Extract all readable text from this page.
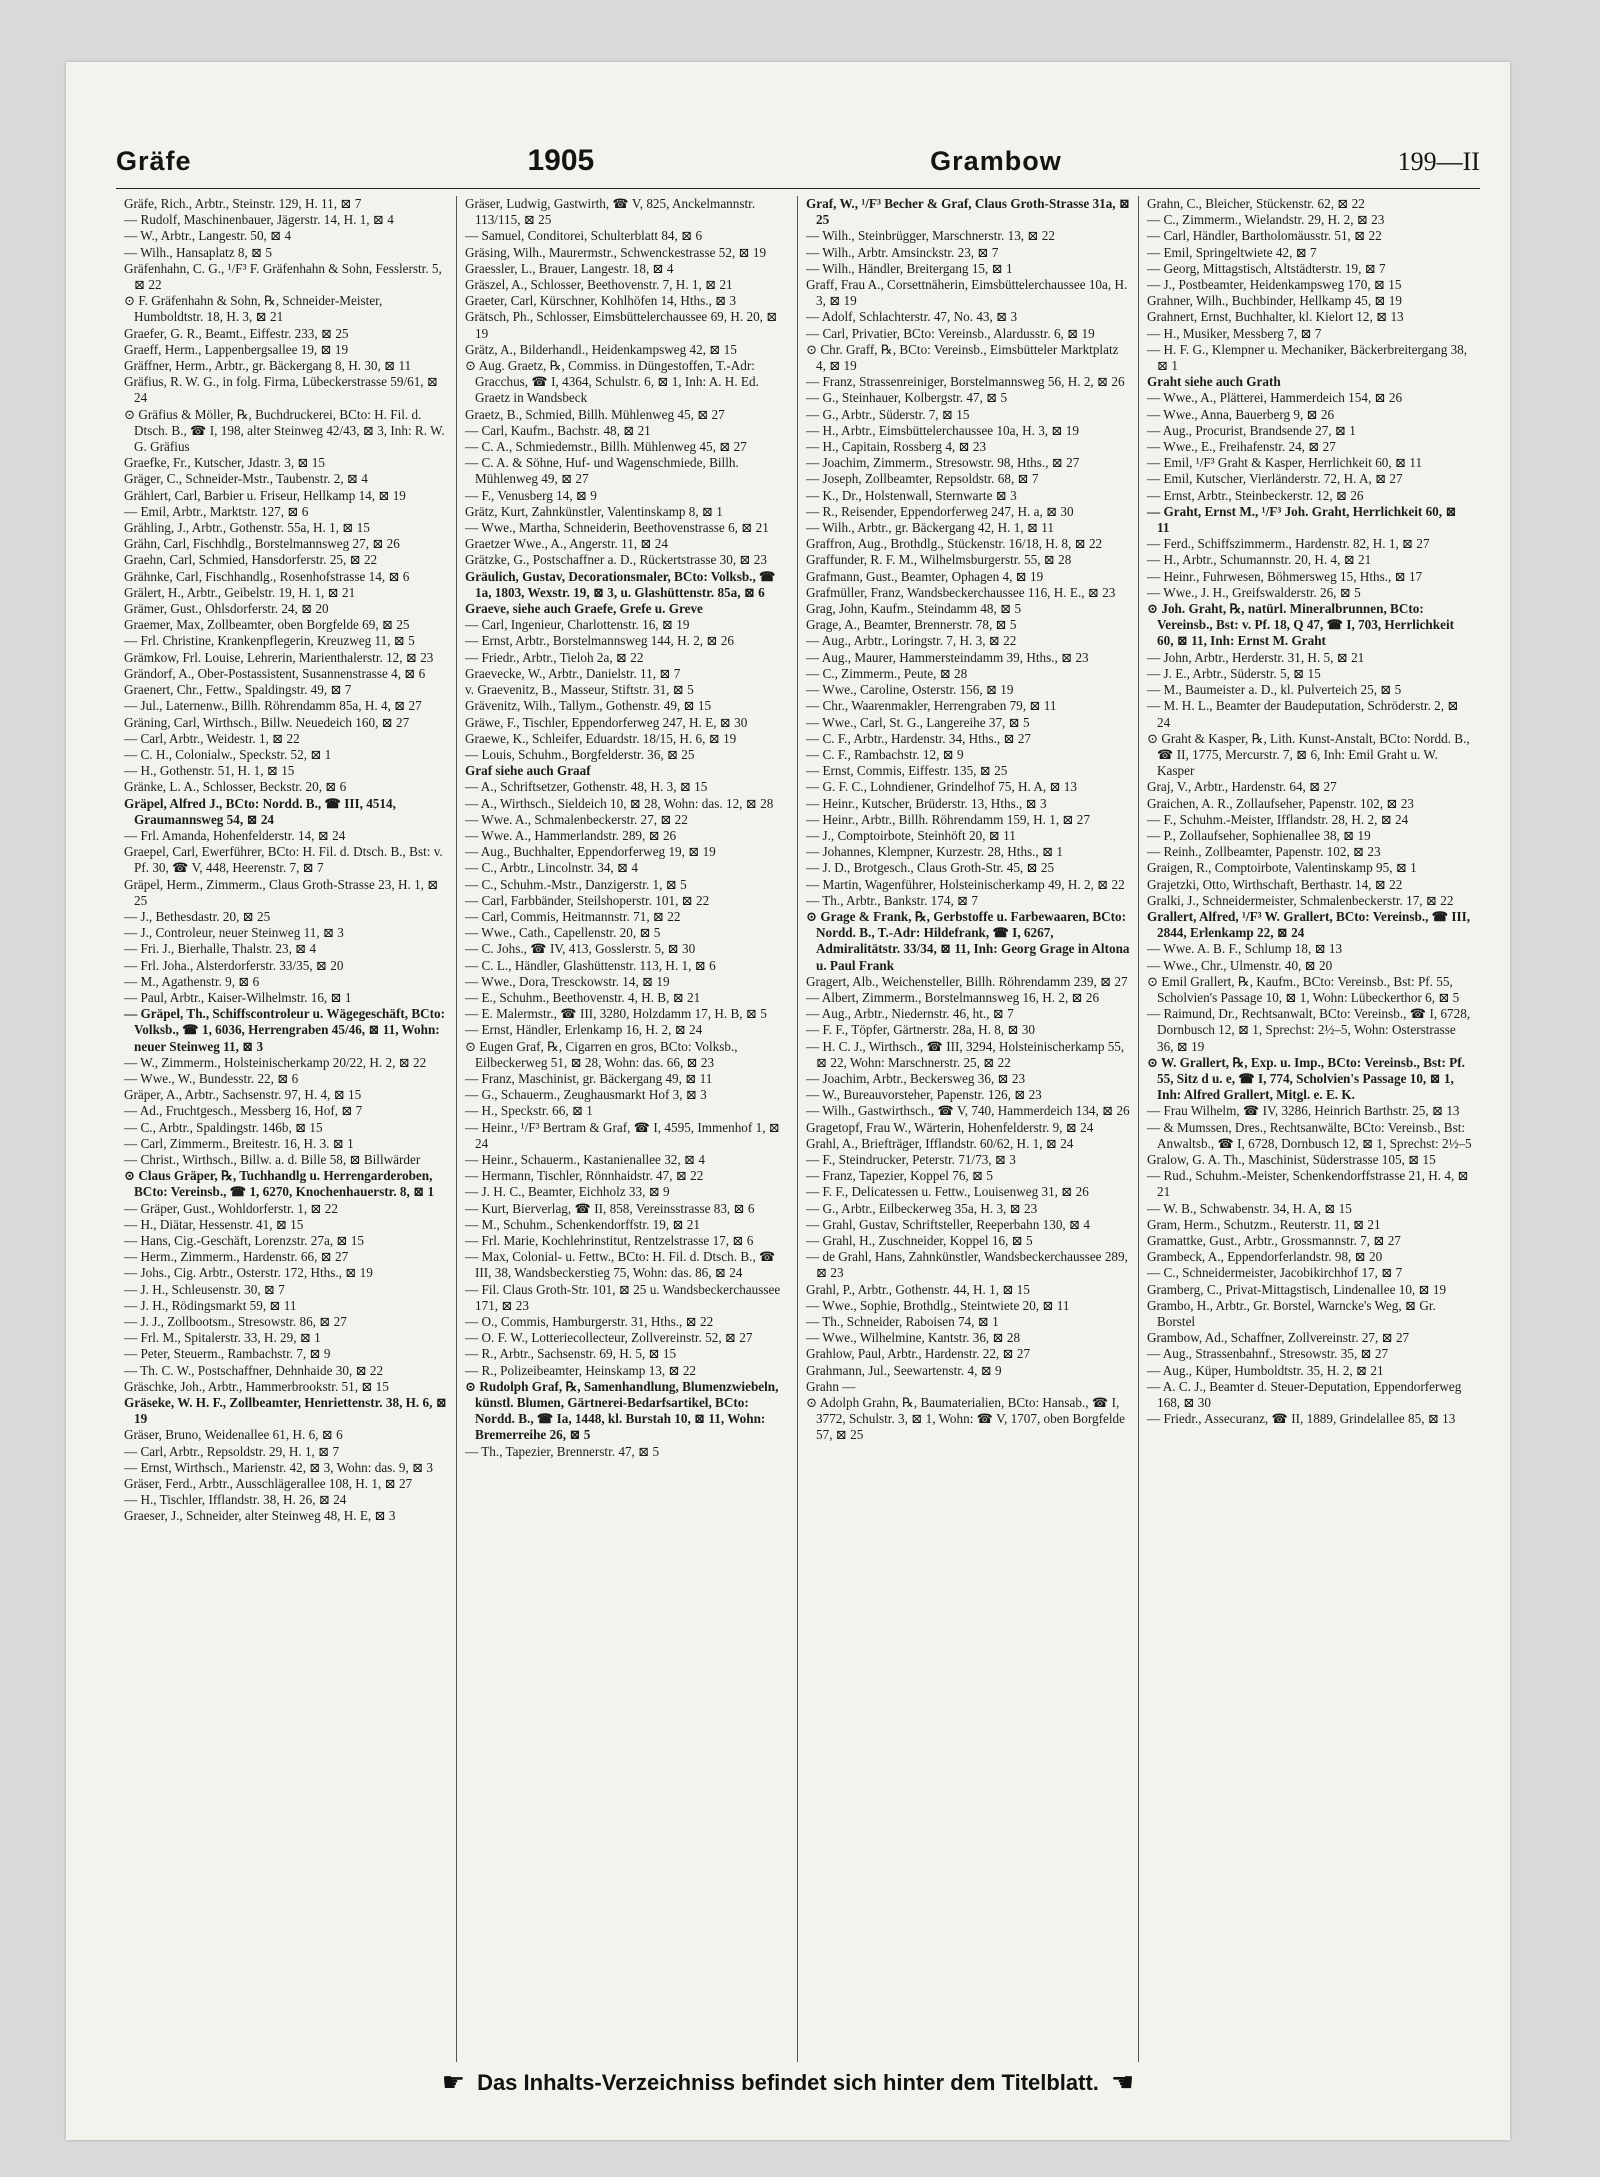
Gräfe	1905	Grambow	199—II

Gräfe, Rich., Arbtr., Steinstr. 129, H. 11, ⊠ 7

— Rudolf, Maschinenbauer, Jägerstr. 14, H. 1, ⊠ 4

— W., Arbtr., Langestr. 50, ⊠ 4

— Wilh., Hansaplatz 8, ⊠ 5

Gräfenhahn, C. G., ¹/F³ F. Gräfenhahn & Sohn, Fesslerstr. 5, ⊠ 22

⊙ F. Gräfenhahn & Sohn, ℞, Schneider-Meister, Humboldtstr. 18, H. 3, ⊠ 21

Graefer, G. R., Beamt., Eiffestr. 233, ⊠ 25

Graeff, Herm., Lappenbergsallee 19, ⊠ 19

Gräffner, Herm., Arbtr., gr. Bäckergang 8, H. 30, ⊠ 11

Gräfius, R. W. G., in folg. Firma, Lübeckerstrasse 59/61, ⊠ 24

⊙ Gräfius & Möller, ℞, Buchdruckerei, BCto: H. Fil. d. Dtsch. B., ☎ I, 198, alter Steinweg 42/43, ⊠ 3, Inh: R. W. G. Gräfius

Graefke, Fr., Kutscher, Jdastr. 3, ⊠ 15

Gräger, C., Schneider-Mstr., Taubenstr. 2, ⊠ 4

Grählert, Carl, Barbier u. Friseur, Hellkamp 14, ⊠ 19

— Emil, Arbtr., Marktstr. 127, ⊠ 6

Grähling, J., Arbtr., Gothenstr. 55a, H. 1, ⊠ 15

Grähn, Carl, Fischhdlg., Borstelmannsweg 27, ⊠ 26

Graehn, Carl, Schmied, Hansdorferstr. 25, ⊠ 22

Grähnke, Carl, Fischhandlg., Rosenhofstrasse 14, ⊠ 6

Grälert, H., Arbtr., Geibelstr. 19, H. 1, ⊠ 21

Grämer, Gust., Ohlsdorferstr. 24, ⊠ 20

Graemer, Max, Zollbeamter, oben Borgfelde 69, ⊠ 25

— Frl. Christine, Krankenpflegerin, Kreuzweg 11, ⊠ 5

Grämkow, Frl. Louise, Lehrerin, Marienthalerstr. 12, ⊠ 23

Grändorf, A., Ober-Postassistent, Susannenstrasse 4, ⊠ 6

Graenert, Chr., Fettw., Spaldingstr. 49, ⊠ 7

— Jul., Laternenw., Billh. Röhrendamm 85a, H. 4, ⊠ 27

Gräning, Carl, Wirthsch., Billw. Neuedeich 160, ⊠ 27

— Carl, Arbtr., Weidestr. 1, ⊠ 22

— C. H., Colonialw., Speckstr. 52, ⊠ 1

— H., Gothenstr. 51, H. 1, ⊠ 15

Gränke, L. A., Schlosser, Beckstr. 20, ⊠ 6

Gräpel, Alfred J., BCto: Nordd. B., ☎ III, 4514, Graumannsweg 54, ⊠ 24

— Frl. Amanda, Hohenfelderstr. 14, ⊠ 24

Graepel, Carl, Ewerführer, BCto: H. Fil. d. Dtsch. B., Bst: v. Pf. 30, ☎ V, 448, Heerenstr. 7, ⊠ 7

Gräpel, Herm., Zimmerm., Claus Groth-Strasse 23, H. 1, ⊠ 25

— J., Bethesdastr. 20, ⊠ 25

— J., Controleur, neuer Steinweg 11, ⊠ 3

— Fri. J., Bierhalle, Thalstr. 23, ⊠ 4

— Frl. Joha., Alsterdorferstr. 33/35, ⊠ 20

— M., Agathenstr. 9, ⊠ 6

— Paul, Arbtr., Kaiser-Wilhelmstr. 16, ⊠ 1

— Gräpel, Th., Schiffscontroleur u. Wägegeschäft, BCto: Volksb., ☎ 1, 6036, Herrengraben 45/46, ⊠ 11, Wohn: neuer Steinweg 11, ⊠ 3

— W., Zimmerm., Holsteinischerkamp 20/22, H. 2, ⊠ 22

— Wwe., W., Bundesstr. 22, ⊠ 6

Gräper, A., Arbtr., Sachsenstr. 97, H. 4, ⊠ 15

— Ad., Fruchtgesch., Messberg 16, Hof, ⊠ 7

— C., Arbtr., Spaldingstr. 146b, ⊠ 15

— Carl, Zimmerm., Breitestr. 16, H. 3. ⊠ 1

— Christ., Wirthsch., Billw. a. d. Bille 58, ⊠ Billwärder

⊙ Claus Gräper, ℞, Tuchhandlg u. Herrengarderoben, BCto: Vereinsb., ☎ 1, 6270, Knochenhauerstr. 8, ⊠ 1

— Gräper, Gust., Wohldorferstr. 1, ⊠ 22

— H., Diätar, Hessenstr. 41, ⊠ 15

— Hans, Cig.-Geschäft, Lorenzstr. 27a, ⊠ 15

— Herm., Zimmerm., Hardenstr. 66, ⊠ 27

— Johs., Cig. Arbtr., Osterstr. 172, Hths., ⊠ 19

— J. H., Schleusenstr. 30, ⊠ 7

— J. H., Rödingsmarkt 59, ⊠ 11

— J. J., Zollbootsm., Stresowstr. 86, ⊠ 27

— Frl. M., Spitalerstr. 33, H. 29, ⊠ 1

— Peter, Steuerm., Rambachstr. 7, ⊠ 9

— Th. C. W., Postschaffner, Dehnhaide 30, ⊠ 22

Gräschke, Joh., Arbtr., Hammerbrookstr. 51, ⊠ 15

Gräseke, W. H. F., Zollbeamter, Henriettenstr. 38, H. 6, ⊠ 19

Gräser, Bruno, Weidenallee 61, H. 6, ⊠ 6

— Carl, Arbtr., Repsoldstr. 29, H. 1, ⊠ 7

— Ernst, Wirthsch., Marienstr. 42, ⊠ 3, Wohn: das. 9, ⊠ 3

Gräser, Ferd., Arbtr., Ausschlägerallee 108, H. 1, ⊠ 27

— H., Tischler, Ifflandstr. 38, H. 26, ⊠ 24

Graeser, J., Schneider, alter Steinweg 48, H. E, ⊠ 3

Gräser, Ludwig, Gastwirth, ☎ V, 825, Anckelmannstr. 113/115, ⊠ 25

— Samuel, Conditorei, Schulterblatt 84, ⊠ 6

Gräsing, Wilh., Maurermstr., Schwenckestrasse 52, ⊠ 19

Graessler, L., Brauer, Langestr. 18, ⊠ 4

Gräszel, A., Schlosser, Beethovenstr. 7, H. 1, ⊠ 21

Graeter, Carl, Kürschner, Kohlhöfen 14, Hths., ⊠ 3

Grätsch, Ph., Schlosser, Eimsbüttelerchaussee 69, H. 20, ⊠ 19

Grätz, A., Bilderhandl., Heidenkampsweg 42, ⊠ 15

⊙ Aug. Graetz, ℞, Commiss. in Düngestoffen, T.-Adr: Gracchus, ☎ I, 4364, Schulstr. 6, ⊠ 1, Inh: A. H. Ed. Graetz in Wandsbeck

Graetz, B., Schmied, Billh. Mühlenweg 45, ⊠ 27

— Carl, Kaufm., Bachstr. 48, ⊠ 21

— C. A., Schmiedemstr., Billh. Mühlenweg 45, ⊠ 27

— C. A. & Söhne, Huf- und Wagenschmiede, Billh. Mühlenweg 49, ⊠ 27

— F., Venusberg 14, ⊠ 9

Grätz, Kurt, Zahnkünstler, Valentinskamp 8, ⊠ 1

— Wwe., Martha, Schneiderin, Beethovenstrasse 6, ⊠ 21

Graetzer Wwe., A., Angerstr. 11, ⊠ 24

Grätzke, G., Postschaffner a. D., Rückertstrasse 30, ⊠ 23

Gräulich, Gustav, Decorationsmaler, BCto: Volksb., ☎ 1a, 1803, Wexstr. 19, ⊠ 3, u. Glashüttenstr. 85a, ⊠ 6

Graeve, siehe auch Graefe, Grefe u. Greve

— Carl, Ingenieur, Charlottenstr. 16, ⊠ 19

— Ernst, Arbtr., Borstelmannsweg 144, H. 2, ⊠ 26

— Friedr., Arbtr., Tieloh 2a, ⊠ 22

Graevecke, W., Arbtr., Danielstr. 11, ⊠ 7

v. Graevenitz, B., Masseur, Stiftstr. 31, ⊠ 5

Grävenitz, Wilh., Tallym., Gothenstr. 49, ⊠ 15

Gräwe, F., Tischler, Eppendorferweg 247, H. E, ⊠ 30

Graewe, K., Schleifer, Eduardstr. 18/15, H. 6, ⊠ 19

— Louis, Schuhm., Borgfelderstr. 36, ⊠ 25

Graf siehe auch Graaf

— A., Schriftsetzer, Gothenstr. 48, H. 3, ⊠ 15

— A., Wirthsch., Sieldeich 10, ⊠ 28, Wohn: das. 12, ⊠ 28

— Wwe. A., Schmalenbeckerstr. 27, ⊠ 22

— Wwe. A., Hammerlandstr. 289, ⊠ 26

— Aug., Buchhalter, Eppendorferweg 19, ⊠ 19

— C., Arbtr., Lincolnstr. 34, ⊠ 4

— C., Schuhm.-Mstr., Danzigerstr. 1, ⊠ 5

— Carl, Farbbänder, Steilshoperstr. 101, ⊠ 22

— Carl, Commis, Heitmannstr. 71, ⊠ 22

— Wwe., Cath., Capellenstr. 20, ⊠ 5

— C. Johs., ☎ IV, 413, Gosslerstr. 5, ⊠ 30

— C. L., Händler, Glashüttenstr. 113, H. 1, ⊠ 6

— Wwe., Dora, Tresckowstr. 14, ⊠ 19

— E., Schuhm., Beethovenstr. 4, H. B, ⊠ 21

— E. Malermstr., ☎ III, 3280, Holzdamm 17, H. B, ⊠ 5

— Ernst, Händler, Erlenkamp 16, H. 2, ⊠ 24

⊙ Eugen Graf, ℞, Cigarren en gros, BCto: Volksb., Eilbeckerweg 51, ⊠ 28, Wohn: das. 66, ⊠ 23

— Franz, Maschinist, gr. Bäckergang 49, ⊠ 11

— G., Schauerm., Zeughausmarkt Hof 3, ⊠ 3

— H., Speckstr. 66, ⊠ 1

— Heinr., ¹/F³ Bertram & Graf, ☎ I, 4595, Immenhof 1, ⊠ 24

— Heinr., Schauerm., Kastanienallee 32, ⊠ 4

— Hermann, Tischler, Rönnhaidstr. 47, ⊠ 22

— J. H. C., Beamter, Eichholz 33, ⊠ 9

— Kurt, Bierverlag, ☎ II, 858, Vereinsstrasse 83, ⊠ 6

— M., Schuhm., Schenkendorffstr. 19, ⊠ 21

— Frl. Marie, Kochlehrinstitut, Rentzelstrasse 17, ⊠ 6

— Max, Colonial- u. Fettw., BCto: H. Fil. d. Dtsch. B., ☎ III, 38, Wandsbeckerstieg 75, Wohn: das. 86, ⊠ 24

— Fil. Claus Groth-Str. 101, ⊠ 25 u. Wandsbeckerchaussee 171, ⊠ 23

— O., Commis, Hamburgerstr. 31, Hths., ⊠ 22

— O. F. W., Lotteriecollecteur, Zollvereinstr. 52, ⊠ 27

— R., Arbtr., Sachsenstr. 69, H. 5, ⊠ 15

— R., Polizeibeamter, Heinskamp 13, ⊠ 22

⊙ Rudolph Graf, ℞, Samenhandlung, Blumenzwiebeln, künstl. Blumen, Gärtnerei-Bedarfsartikel, BCto: Nordd. B., ☎ Ia, 1448, kl. Burstah 10, ⊠ 11, Wohn: Bremerreihe 26, ⊠ 5

— Th., Tapezier, Brennerstr. 47, ⊠ 5

Graf, W., ¹/F³ Becher & Graf, Claus Groth-Strasse 31a, ⊠ 25

— Wilh., Steinbrügger, Marschnerstr. 13, ⊠ 22

— Wilh., Arbtr. Amsinckstr. 23, ⊠ 7

— Wilh., Händler, Breitergang 15, ⊠ 1

Graff, Frau A., Corsettnäherin, Eimsbüttelerchaussee 10a, H. 3, ⊠ 19

— Adolf, Schlachterstr. 47, No. 43, ⊠ 3

— Carl, Privatier, BCto: Vereinsb., Alardusstr. 6, ⊠ 19

⊙ Chr. Graff, ℞, BCto: Vereinsb., Eimsbütteler Marktplatz 4, ⊠ 19

— Franz, Strassenreiniger, Borstelmannsweg 56, H. 2, ⊠ 26

— G., Steinhauer, Kolbergstr. 47, ⊠ 5

— G., Arbtr., Süderstr. 7, ⊠ 15

— H., Arbtr., Eimsbüttelerchaussee 10a, H. 3, ⊠ 19

— H., Capitain, Rossberg 4, ⊠ 23

— Joachim, Zimmerm., Stresowstr. 98, Hths., ⊠ 27

— Joseph, Zollbeamter, Repsoldstr. 68, ⊠ 7

— K., Dr., Holstenwall, Sternwarte ⊠ 3

— R., Reisender, Eppendorferweg 247, H. a, ⊠ 30

— Wilh., Arbtr., gr. Bäckergang 42, H. 1, ⊠ 11

Graffron, Aug., Brothdlg., Stückenstr. 16/18, H. 8, ⊠ 22

Graffunder, R. F. M., Wilhelmsburgerstr. 55, ⊠ 28

Grafmann, Gust., Beamter, Ophagen 4, ⊠ 19

Grafmüller, Franz, Wandsbeckerchaussee 116, H. E., ⊠ 23

Grag, John, Kaufm., Steindamm 48, ⊠ 5

Grage, A., Beamter, Brennerstr. 78, ⊠ 5

— Aug., Arbtr., Loringstr. 7, H. 3, ⊠ 22

— Aug., Maurer, Hammersteindamm 39, Hths., ⊠ 23

— C., Zimmerm., Peute, ⊠ 28

— Wwe., Caroline, Osterstr. 156, ⊠ 19

— Chr., Waarenmakler, Herrengraben 79, ⊠ 11

— Wwe., Carl, St. G., Langereihe 37, ⊠ 5

— C. F., Arbtr., Hardenstr. 34, Hths., ⊠ 27

— C. F., Rambachstr. 12, ⊠ 9

— Ernst, Commis, Eiffestr. 135, ⊠ 25

— G. F. C., Lohndiener, Grindelhof 75, H. A, ⊠ 13

— Heinr., Kutscher, Brüderstr. 13, Hths., ⊠ 3

— Heinr., Arbtr., Billh. Röhrendamm 159, H. 1, ⊠ 27

— J., Comptoirbote, Steinhöft 20, ⊠ 11

— Johannes, Klempner, Kurzestr. 28, Hths., ⊠ 1

— J. D., Brotgesch., Claus Groth-Str. 45, ⊠ 25

— Martin, Wagenführer, Holsteinischerkamp 49, H. 2, ⊠ 22

— Th., Arbtr., Bankstr. 174, ⊠ 7

⊙ Grage & Frank, ℞, Gerbstoffe u. Farbewaaren, BCto: Nordd. B., T.-Adr: Hildefrank, ☎ I, 6267, Admiralitätstr. 33/34, ⊠ 11, Inh: Georg Grage in Altona u. Paul Frank

Gragert, Alb., Weichensteller, Billh. Röhrendamm 239, ⊠ 27

— Albert, Zimmerm., Borstelmannsweg 16, H. 2, ⊠ 26

— Aug., Arbtr., Niedernstr. 46, ht., ⊠ 7

— F. F., Töpfer, Gärtnerstr. 28a, H. 8, ⊠ 30

— H. C. J., Wirthsch., ☎ III, 3294, Holsteinischerkamp 55, ⊠ 22, Wohn: Marschnerstr. 25, ⊠ 22

— Joachim, Arbtr., Beckersweg 36, ⊠ 23

— W., Bureauvorsteher, Papenstr. 126, ⊠ 23

— Wilh., Gastwirthsch., ☎ V, 740, Hammerdeich 134, ⊠ 26

Gragetopf, Frau W., Wärterin, Hohenfelderstr. 9, ⊠ 24

Grahl, A., Briefträger, Ifflandstr. 60/62, H. 1, ⊠ 24

— F., Steindrucker, Peterstr. 71/73, ⊠ 3

— Franz, Tapezier, Koppel 76, ⊠ 5

— F. F., Delicatessen u. Fettw., Louisenweg 31, ⊠ 26

— G., Arbtr., Eilbeckerweg 35a, H. 3, ⊠ 23

— Grahl, Gustav, Schriftsteller, Reeperbahn 130, ⊠ 4

— Grahl, H., Zuschneider, Koppel 16, ⊠ 5

— de Grahl, Hans, Zahnkünstler, Wandsbeckerchaussee 289, ⊠ 23

Grahl, P., Arbtr., Gothenstr. 44, H. 1, ⊠ 15

— Wwe., Sophie, Brothdlg., Steintwiete 20, ⊠ 11

— Th., Schneider, Raboisen 74, ⊠ 1

— Wwe., Wilhelmine, Kantstr. 36, ⊠ 28

Grahlow, Paul, Arbtr., Hardenstr. 22, ⊠ 27

Grahmann, Jul., Seewartenstr. 4, ⊠ 9

Grahn —

⊙ Adolph Grahn, ℞, Baumaterialien, BCto: Hansab., ☎ I, 3772, Schulstr. 3, ⊠ 1, Wohn: ☎ V, 1707, oben Borgfelde 57, ⊠ 25

Grahn, C., Bleicher, Stückenstr. 62, ⊠ 22

— C., Zimmerm., Wielandstr. 29, H. 2, ⊠ 23

— Carl, Händler, Bartholomäusstr. 51, ⊠ 22

— Emil, Springeltwiete 42, ⊠ 7

— Georg, Mittagstisch, Altstädterstr. 19, ⊠ 7

— J., Postbeamter, Heidenkampsweg 170, ⊠ 15

Grahner, Wilh., Buchbinder, Hellkamp 45, ⊠ 19

Grahnert, Ernst, Buchhalter, kl. Kielort 12, ⊠ 13

— H., Musiker, Messberg 7, ⊠ 7

— H. F. G., Klempner u. Mechaniker, Bäckerbreitergang 38, ⊠ 1

Graht siehe auch Grath

— Wwe., A., Plätterei, Hammerdeich 154, ⊠ 26

— Wwe., Anna, Bauerberg 9, ⊠ 26

— Aug., Procurist, Brandsende 27, ⊠ 1

— Wwe., E., Freihafenstr. 24, ⊠ 27

— Emil, ¹/F³ Graht & Kasper, Herrlichkeit 60, ⊠ 11

— Emil, Kutscher, Vierländerstr. 72, H. A, ⊠ 27

— Ernst, Arbtr., Steinbeckerstr. 12, ⊠ 26

— Graht, Ernst M., ¹/F³ Joh. Graht, Herrlichkeit 60, ⊠ 11

— Ferd., Schiffszimmerm., Hardenstr. 82, H. 1, ⊠ 27

— H., Arbtr., Schumannstr. 20, H. 4, ⊠ 21

— Heinr., Fuhrwesen, Böhmersweg 15, Hths., ⊠ 17

— Wwe., J. H., Greifswalderstr. 26, ⊠ 5

⊙ Joh. Graht, ℞, natürl. Mineralbrunnen, BCto: Vereinsb., Bst: v. Pf. 18, Q 47, ☎ I, 703, Herrlichkeit 60, ⊠ 11, Inh: Ernst M. Graht

— John, Arbtr., Herderstr. 31, H. 5, ⊠ 21

— J. E., Arbtr., Süderstr. 5, ⊠ 15

— M., Baumeister a. D., kl. Pulverteich 25, ⊠ 5

— M. H. L., Beamter der Baudeputation, Schröderstr. 2, ⊠ 24

⊙ Graht & Kasper, ℞, Lith. Kunst-Anstalt, BCto: Nordd. B., ☎ II, 1775, Mercurstr. 7, ⊠ 6, Inh: Emil Graht u. W. Kasper

Graj, V., Arbtr., Hardenstr. 64, ⊠ 27

Graichen, A. R., Zollaufseher, Papenstr. 102, ⊠ 23

— F., Schuhm.-Meister, Ifflandstr. 28, H. 2, ⊠ 24

— P., Zollaufseher, Sophienallee 38, ⊠ 19

— Reinh., Zollbeamter, Papenstr. 102, ⊠ 23

Graigen, R., Comptoirbote, Valentinskamp 95, ⊠ 1

Grajetzki, Otto, Wirthschaft, Berthastr. 14, ⊠ 22

Gralki, J., Schneidermeister, Schmalenbeckerstr. 17, ⊠ 22

Grallert, Alfred, ¹/F³ W. Grallert, BCto: Vereinsb., ☎ III, 2844, Erlenkamp 22, ⊠ 24

— Wwe. A. B. F., Schlump 18, ⊠ 13

— Wwe., Chr., Ulmenstr. 40, ⊠ 20

⊙ Emil Grallert, ℞, Kaufm., BCto: Vereinsb., Bst: Pf. 55, Scholvien's Passage 10, ⊠ 1, Wohn: Lübeckerthor 6, ⊠ 5

— Raimund, Dr., Rechtsanwalt, BCto: Vereinsb., ☎ I, 6728, Dornbusch 12, ⊠ 1, Sprechst: 2½–5, Wohn: Osterstrasse 36, ⊠ 19

⊙ W. Grallert, ℞, Exp. u. Imp., BCto: Vereinsb., Bst: Pf. 55, Sitz d u. e, ☎ I, 774, Scholvien's Passage 10, ⊠ 1, Inh: Alfred Grallert, Mitgl. e. E. K.

— Frau Wilhelm, ☎ IV, 3286, Heinrich Barthstr. 25, ⊠ 13

— & Mumssen, Dres., Rechtsanwälte, BCto: Vereinsb., Bst: Anwaltsb., ☎ I, 6728, Dornbusch 12, ⊠ 1, Sprechst: 2½–5

Gralow, G. A. Th., Maschinist, Süderstrasse 105, ⊠ 15

— Rud., Schuhm.-Meister, Schenkendorffstrasse 21, H. 4, ⊠ 21

— W. B., Schwabenstr. 34, H. A, ⊠ 15

Gram, Herm., Schutzm., Reuterstr. 11, ⊠ 21

Gramattke, Gust., Arbtr., Grossmannstr. 7, ⊠ 27

Grambeck, A., Eppendorferlandstr. 98, ⊠ 20

— C., Schneidermeister, Jacobikirchhof 17, ⊠ 7

Gramberg, C., Privat-Mittagstisch, Lindenallee 10, ⊠ 19

Grambo, H., Arbtr., Gr. Borstel, Warncke's Weg, ⊠ Gr. Borstel

Grambow, Ad., Schaffner, Zollvereinstr. 27, ⊠ 27

— Aug., Strassenbahnf., Stresowstr. 35, ⊠ 27

— Aug., Küper, Humboldtstr. 35, H. 2, ⊠ 21

— A. C. J., Beamter d. Steuer-Deputation, Eppendorferweg 168, ⊠ 30

— Friedr., Assecuranz, ☎ II, 1889, Grindelallee 85, ⊠ 13

☛ Das Inhalts-Verzeichniss befindet sich hinter dem Titelblatt. ☚
